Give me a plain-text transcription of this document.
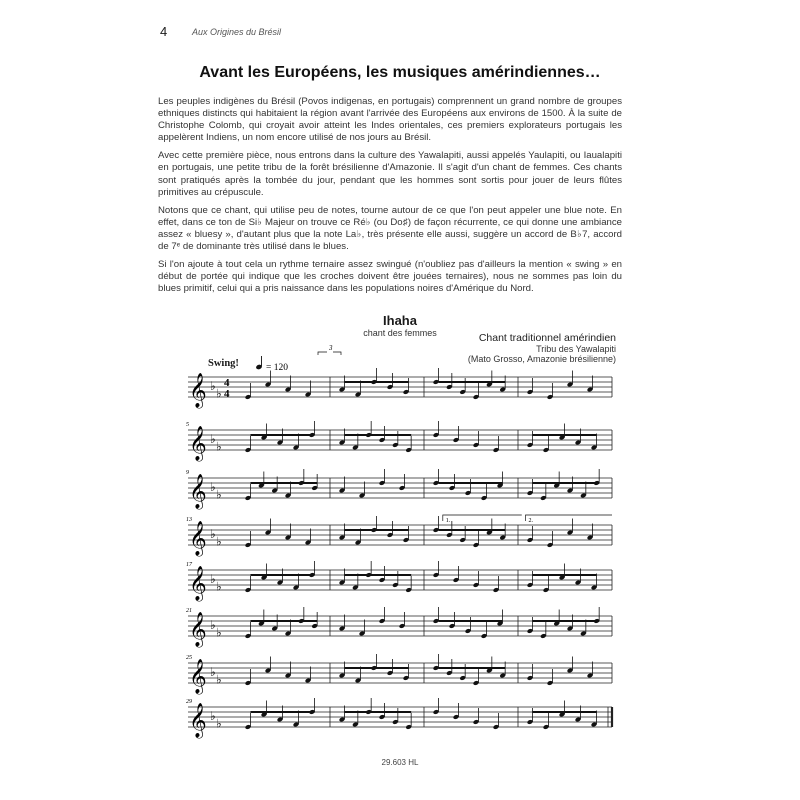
4	Aux Origines du Brésil
Avant les Européens, les musiques amérindiennes…

Les peuples indigènes du Brésil (Povos indigenas, en portugais) comprennent un grand nombre de groupes ethniques distincts qui habitaient la région avant l'arrivée des Européens aux environs de 1500. À la suite de Christophe Colomb, qui croyait avoir atteint les Indes orientales, ces premiers explorateurs portugais les appelèrent Indiens, un nom encore utilisé de nos jours au Brésil.

Avec cette première pièce, nous entrons dans la culture des Yawalapiti, aussi appelés Yaulapiti, ou Iaualapiti en portugais, une petite tribu de la forêt brésilienne d'Amazonie. Il s'agit d'un chant de femmes. Ces chants sont pratiqués après la tombée du jour, pendant que les hommes sont sortis pour jouer de leurs flûtes primitives au crépuscule.

Notons que ce chant, qui utilise peu de notes, tourne autour de ce que l'on peut appeler une blue note. En effet, dans ce ton de Si♭ Majeur on trouve ce Ré♭ (ou Do♯) de façon récurrente, ce qui donne une ambiance assez « bluesy », d'autant plus que la note La♭, très présente elle aussi, suggère un accord de B♭7, accord de 7ᵉ de dominante très utilisé dans le blues.

Si l'on ajoute à tout cela un rythme ternaire assez swingué (n'oubliez pas d'ailleurs la mention « swing » en début de portée qui indique que les croches doivent être jouées ternaires), nous ne sommes pas loin du blues primitif, celui qui a pris naissance dans les populations noires d'Amérique du Nord.

Ihaha
chant des femmes	Chant traditionnel amérindien
Tribu des Yawalapiti
(Mato Grosso, Amazonie brésilienne)
Swing!	= 120
3
𝄞 ♭
♭
4
4
𝄞 ♭
♭
5
𝄞 ♭
♭
9
𝄞 ♭
♭
13	1.	2.
𝄞 ♭
♭
17
𝄞 ♭
♭
21
𝄞 ♭
♭
25
𝄞 ♭
♭
29
29.603 HL
